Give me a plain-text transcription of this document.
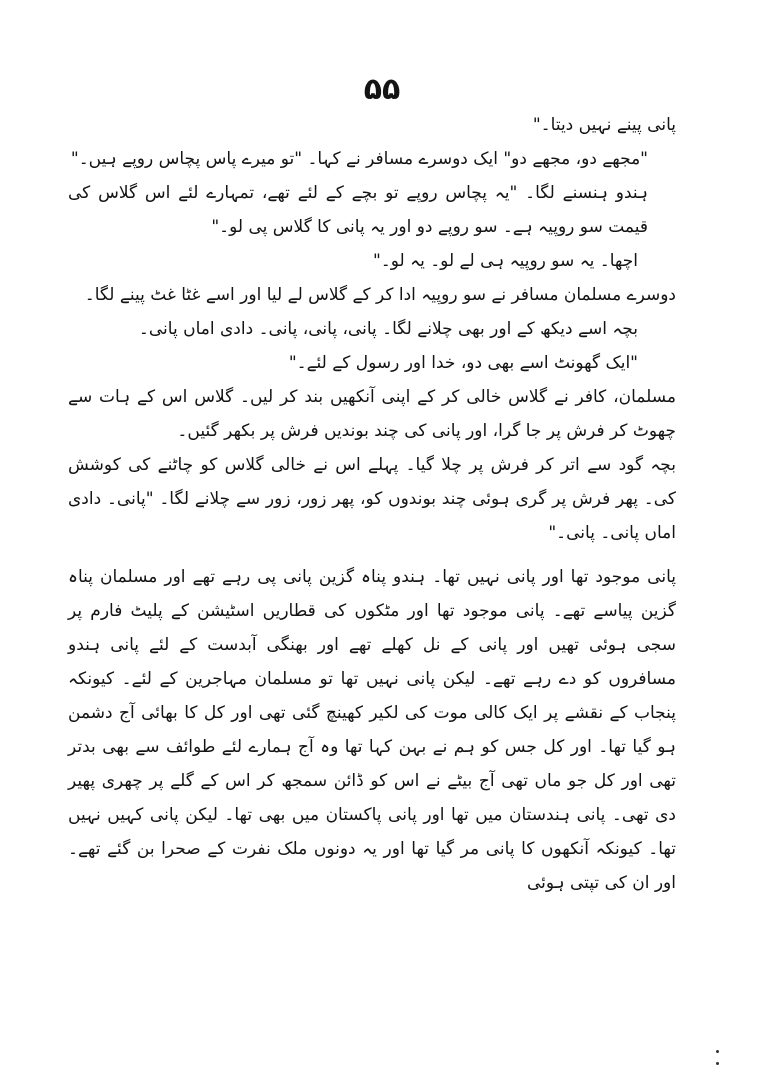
۵۵

پانی پینے نہیں دیتا۔"

"مجھے دو، مجھے دو" ایک دوسرے مسافر نے کہا۔ "تو میرے پاس پچاس روپے ہیں۔"

ہندو ہنسنے لگا۔ "یہ پچاس روپے تو بچے کے لئے تھے، تمہارے لئے اس گلاس کی قیمت سو روپیہ ہے۔ سو روپے دو اور یہ پانی کا گلاس پی لو۔"

اچھا۔ یہ سو روپیہ ہی لے لو۔ یہ لو۔"

دوسرے مسلمان مسافر نے سو روپیہ ادا کر کے گلاس لے لیا اور اسے غٹا غٹ پینے لگا۔

بچہ اسے دیکھ کے اور بھی چلانے لگا۔ پانی، پانی، پانی۔ دادی اماں پانی۔

"ایک گھونٹ اسے بھی دو، خدا اور رسول کے لئے۔"

مسلمان، کافر نے گلاس خالی کر کے اپنی آنکھیں بند کر لیں۔ گلاس اس کے ہات سے چھوٹ کر فرش پر جا گرا، اور پانی کی چند بوندیں فرش پر بکھر گئیں۔

بچہ گود سے اتر کر فرش پر چلا گیا۔ پہلے اس نے خالی گلاس کو چاٹنے کی کوشش کی۔ پھر فرش پر گری ہوئی چند بوندوں کو، پھر زور، زور سے چلانے لگا۔ "پانی۔ دادی اماں پانی۔ پانی۔"

پانی موجود تھا اور پانی نہیں تھا۔ ہندو پناہ گزین پانی پی رہے تھے اور مسلمان پناہ گزین پیاسے تھے۔ پانی موجود تھا اور مٹکوں کی قطاریں اسٹیشن کے پلیٹ فارم پر سجی ہوئی تھیں اور پانی کے نل کھلے تھے اور بھنگی آبدست کے لئے پانی ہندو مسافروں کو دے رہے تھے۔ لیکن پانی نہیں تھا تو مسلمان مہاجرین کے لئے۔ کیونکہ پنجاب کے نقشے پر ایک کالی موت کی لکیر کھینچ گئی تھی اور کل کا بھائی آج دشمن ہو گیا تھا۔ اور کل جس کو ہم نے بہن کہا تھا وہ آج ہمارے لئے طوائف سے بھی بدتر تھی اور کل جو ماں تھی آج بیٹے نے اس کو ڈائن سمجھ کر اس کے گلے پر چھری پھیر دی تھی۔ پانی ہندستان میں تھا اور پانی پاکستان میں بھی تھا۔ لیکن پانی کہیں نہیں تھا۔ کیونکہ آنکھوں کا پانی مر گیا تھا اور یہ دونوں ملک نفرت کے صحرا بن گئے تھے۔ اور ان کی تپتی ہوئی
